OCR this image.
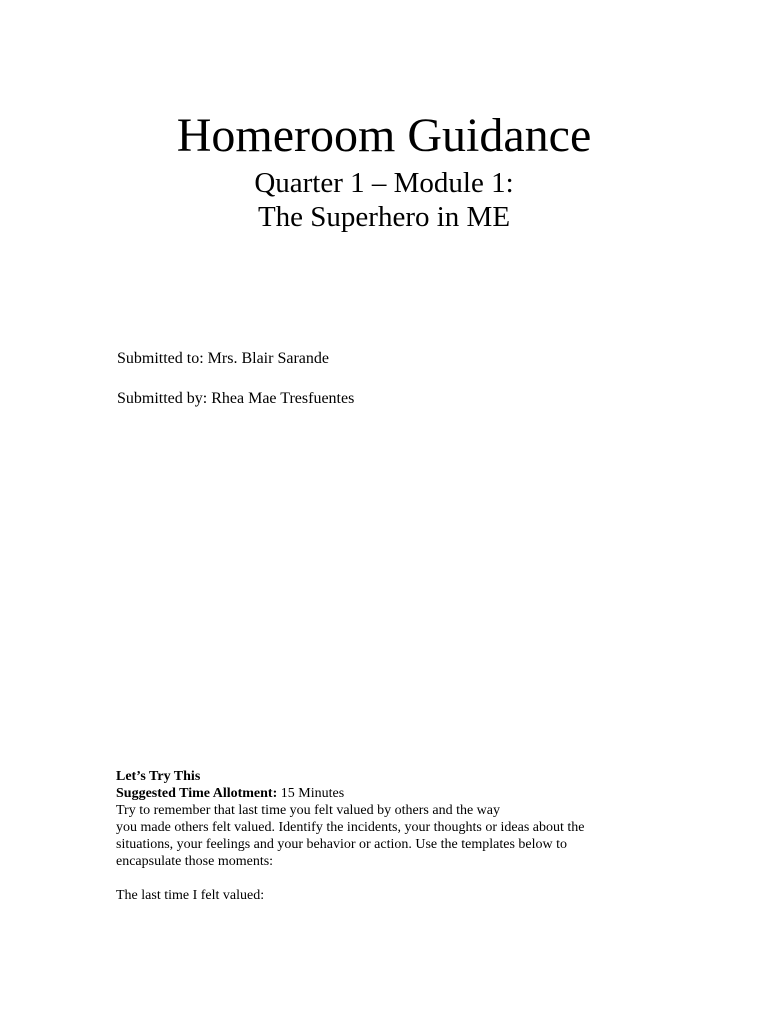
Homeroom Guidance
Quarter 1 – Module 1:
The Superhero in ME

Submitted to: Mrs. Blair Sarande

Submitted by: Rhea Mae Tresfuentes

Let’s Try This

Suggested Time Allotment: 15 Minutes

Try to remember that last time you felt valued by others and the way

you made others felt valued. Identify the incidents, your thoughts or ideas about the

situations, your feelings and your behavior or action. Use the templates below to

encapsulate those moments:

The last time I felt valued:
